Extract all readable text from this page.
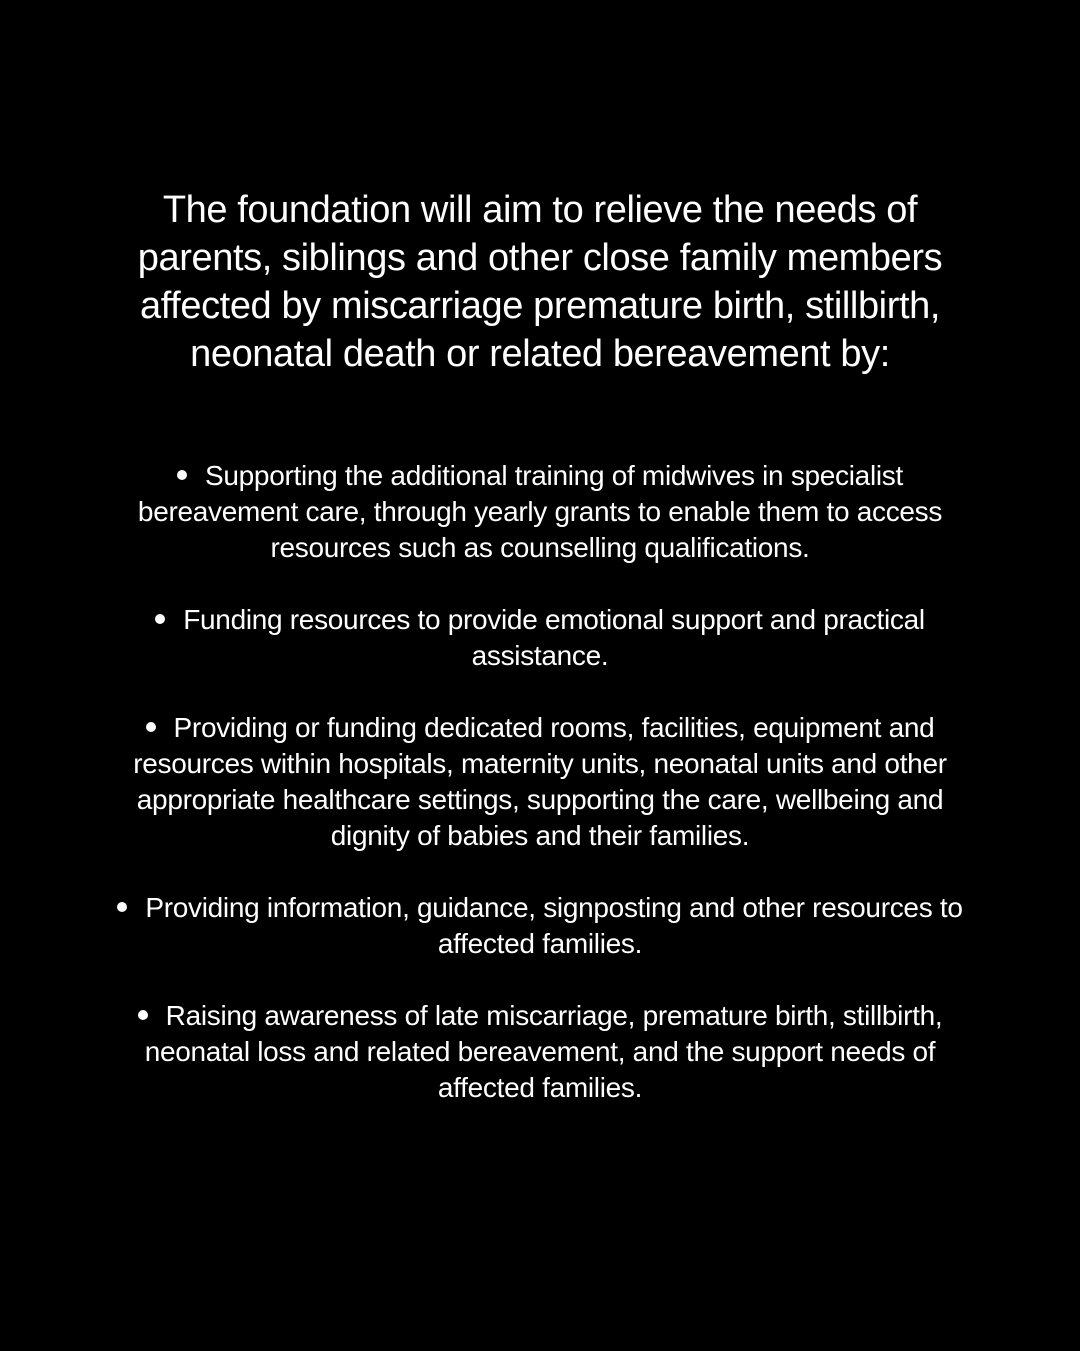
The foundation will aim to relieve the needs of parents, siblings and other close family members affected by miscarriage premature birth, stillbirth, neonatal death or related bereavement by:

Supporting the additional training of midwives in specialist bereavement care, through yearly grants to enable them to access resources such as counselling qualifications.
Funding resources to provide emotional support and practical assistance.
Providing or funding dedicated rooms, facilities, equipment and resources within hospitals, maternity units, neonatal units and other appropriate healthcare settings, supporting the care, wellbeing and dignity of babies and their families.
Providing information, guidance, signposting and other resources to affected families.
Raising awareness of late miscarriage, premature birth, stillbirth, neonatal loss and related bereavement, and the support needs of affected families.
